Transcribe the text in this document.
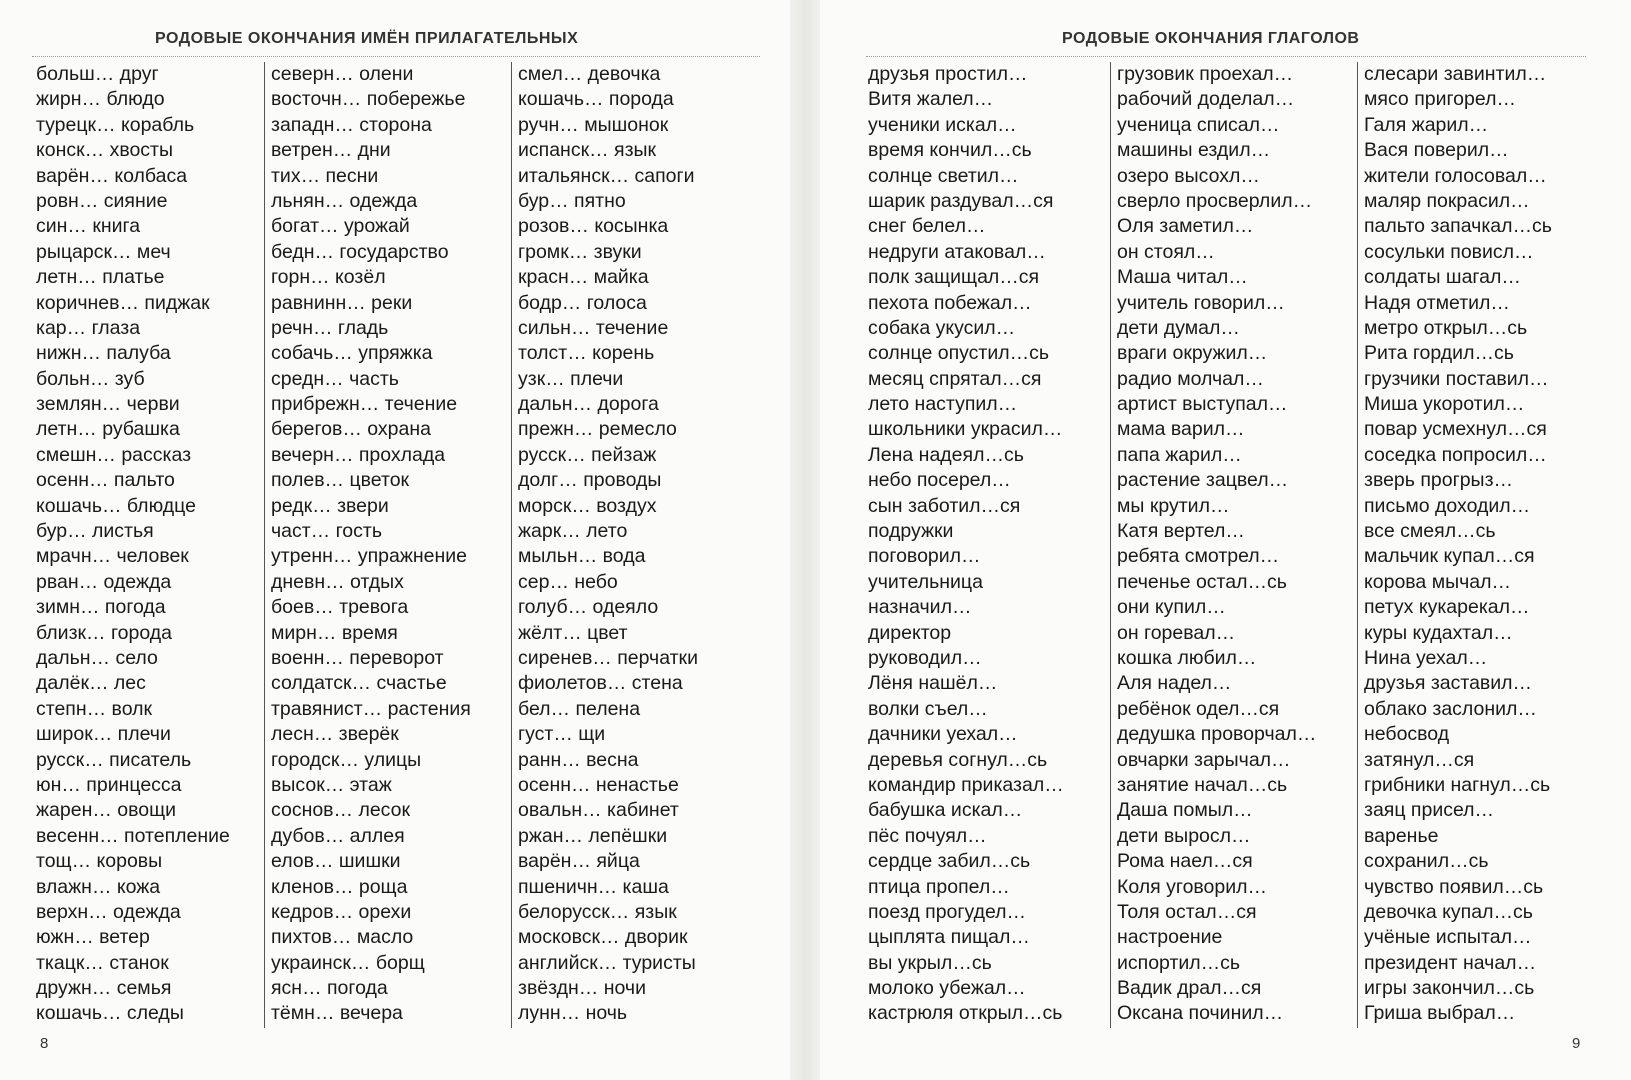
РОДОВЫЕ ОКОНЧАНИЯ ИМЁН ПРИЛАГАТЕЛЬНЫХ
больш… друг
жирн… блюдо
турецк… корабль
конск… хвосты
варён… колбаса
ровн… сияние
син… книга
рыцарск… меч
летн… платье
коричнев… пиджак
кар… глаза
нижн… палуба
больн… зуб
землян… черви
летн… рубашка
смешн… рассказ
осенн… пальто
кошачь… блюдце
бур… листья
мрачн… человек
рван… одежда
зимн… погода
близк… города
дальн… село
далёк… лес
степн… волк
широк… плечи
русск… писатель
юн… принцесса
жарен… овощи
весенн… потепление
тощ… коровы
влажн… кожа
верхн… одежда
южн… ветер
ткацк… станок
дружн… семья
кошачь… следы
северн… олени
восточн… побережье
западн… сторона
ветрен… дни
тих… песни
льнян… одежда
богат… урожай
бедн… государство
горн… козёл
равнинн… реки
речн… гладь
собачь… упряжка
средн… часть
прибрежн… течение
берегов… охрана
вечерн… прохлада
полев… цветок
редк… звери
част… гость
утренн… упражнение
дневн… отдых
боев… тревога
мирн… время
военн… переворот
солдатск… счастье
травянист… растения
лесн… зверёк
городск… улицы
высок… этаж
соснов… лесок
дубов… аллея
елов… шишки
кленов… роща
кедров… орехи
пихтов… масло
украинск… борщ
ясн… погода
тёмн… вечера
смел… девочка
кошачь… порода
ручн… мышонок
испанск… язык
итальянск… сапоги
бур… пятно
розов… косынка
громк… звуки
красн… майка
бодр… голоса
сильн… течение
толст… корень
узк… плечи
дальн… дорога
прежн… ремесло
русск… пейзаж
долг… проводы
морск… воздух
жарк… лето
мыльн… вода
сер… небо
голуб… одеяло
жёлт… цвет
сиренев… перчатки
фиолетов… стена
бел… пелена
густ… щи
ранн… весна
осенн… ненастье
овальн… кабинет
ржан… лепёшки
варён… яйца
пшеничн… каша
белорусск… язык
московск… дворик
английск… туристы
звёздн… ночи
лунн… ночь
8
РОДОВЫЕ ОКОНЧАНИЯ ГЛАГОЛОВ
друзья простил…
Витя жалел…
ученики искал…
время кончил…сь
солнце светил…
шарик раздувал…ся
снег белел…
недруги атаковал…
полк защищал…ся
пехота побежал…
собака укусил…
солнце опустил…сь
месяц спрятал…ся
лето наступил…
школьники украсил…
Лена надеял…сь
небо посерел…
сын заботил…ся
подружки
поговорил…
учительница
назначил…
директор
руководил…
Лёня нашёл…
волки съел…
дачники уехал…
деревья согнул…сь
командир приказал…
бабушка искал…
пёс почуял…
сердце забил…сь
птица пропел…
поезд прогудел…
цыплята пищал…
вы укрыл…сь
молоко убежал…
кастрюля открыл…сь
грузовик проехал…
рабочий доделал…
ученица списал…
машины ездил…
озеро высохл…
сверло просверлил…
Оля заметил…
он стоял…
Маша читал…
учитель говорил…
дети думал…
враги окружил…
радио молчал…
артист выступал…
мама варил…
папа жарил…
растение зацвел…
мы крутил…
Катя вертел…
ребята смотрел…
печенье остал…сь
они купил…
он горевал…
кошка любил…
Аля надел…
ребёнок одел…ся
дедушка проворчал…
овчарки зарычал…
занятие начал…сь
Даша помыл…
дети выросл…
Рома наел…ся
Коля уговорил…
Толя остал…ся
настроение
испортил…сь
Вадик драл…ся
Оксана починил…
слесари завинтил…
мясо пригорел…
Галя жарил…
Вася поверил…
жители голосовал…
маляр покрасил…
пальто запачкал…сь
сосульки повисл…
солдаты шагал…
Надя отметил…
метро открыл…сь
Рита гордил…сь
грузчики поставил…
Миша укоротил…
повар усмехнул…ся
соседка попросил…
зверь прогрыз…
письмо доходил…
все смеял…сь
мальчик купал…ся
корова мычал…
петух кукарекал…
куры кудахтал…
Нина уехал…
друзья заставил…
облако заслонил…
небосвод
затянул…ся
грибники нагнул…сь
заяц присел…
варенье
сохранил…сь
чувство появил…сь
девочка купал…сь
учёные испытал…
президент начал…
игры закончил…сь
Гриша выбрал…
9
